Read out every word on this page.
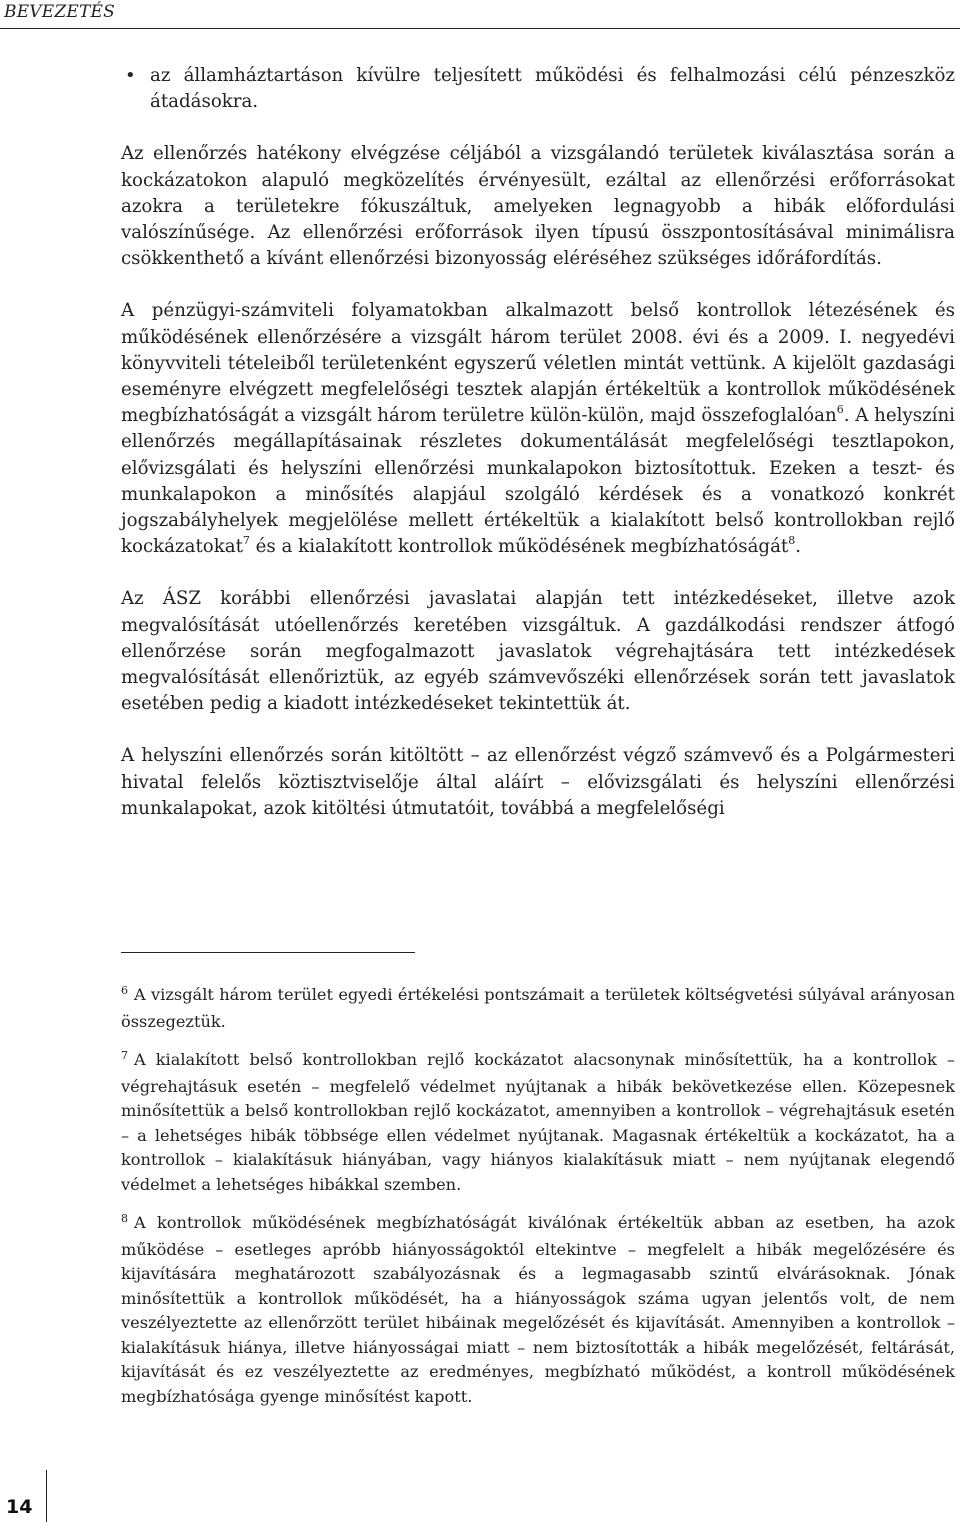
BEVEZETÉS
• az államháztartáson kívülre teljesített működési és felhalmozási célú pénzeszköz átadásokra.

Az ellenőrzés hatékony elvégzése céljából a vizsgálandó területek kiválasztása során a kockázatokon alapuló megközelítés érvényesült, ezáltal az ellenőrzési erőforrásokat azokra a területekre fókuszáltuk, amelyeken legnagyobb a hibák előfordulási valószínűsége. Az ellenőrzési erőforrások ilyen típusú összpontosításával minimálisra csökkenthető a kívánt ellenőrzési bizonyosság eléréséhez szükséges időráfordítás.

A pénzügyi-számviteli folyamatokban alkalmazott belső kontrollok létezésének és működésének ellenőrzésére a vizsgált három terület 2008. évi és a 2009. I. negyedévi könyvviteli tételeiből területenként egyszerű véletlen mintát vettünk. A kijelölt gazdasági eseményre elvégzett megfelelőségi tesztek alapján értékeltük a kontrollok működésének megbízhatóságát a vizsgált három területre külön-külön, majd összefoglalóan$^6$. A helyszíni ellenőrzés megállapításainak részletes dokumentálását megfelelőségi tesztlapokon, elővizsgálati és helyszíni ellenőrzési munkalapokon biztosítottuk. Ezeken a teszt- és munkalapokon a minősítés alapjául szolgáló kérdések és a vonatkozó konkrét jogszabályhelyek megjelölése mellett értékeltük a kialakított belső kontrollokban rejlő kockázatokat$^7$ és a kialakított kontrollok működésének megbízhatóságát$^8$.

Az ÁSZ korábbi ellenőrzési javaslatai alapján tett intézkedéseket, illetve azok megvalósítását utóellenőrzés keretében vizsgáltuk. A gazdálkodási rendszer átfogó ellenőrzése során megfogalmazott javaslatok végrehajtására tett intézkedések megvalósítását ellenőriztük, az egyéb számvevőszéki ellenőrzések során tett javaslatok esetében pedig a kiadott intézkedéseket tekintettük át.

A helyszíni ellenőrzés során kitöltött – az ellenőrzést végző számvevő és a Polgármesteri hivatal felelős köztisztviselője által aláírt – elővizsgálati és helyszíni ellenőrzési munkalapokat, azok kitöltési útmutatóit, továbbá a megfelelőségi

$^6$ A vizsgált három terület egyedi értékelési pontszámait a területek költségvetési súlyával arányosan összegeztük.

$^7$ A kialakított belső kontrollokban rejlő kockázatot alacsonynak minősítettük, ha a kontrollok – végrehajtásuk esetén – megfelelő védelmet nyújtanak a hibák bekövetkezése ellen. Közepesnek minősítettük a belső kontrollokban rejlő kockázatot, amennyiben a kontrollok – végrehajtásuk esetén – a lehetséges hibák többsége ellen védelmet nyújtanak. Magasnak értékeltük a kockázatot, ha a kontrollok – kialakításuk hiányában, vagy hiányos kialakításuk miatt – nem nyújtanak elegendő védelmet a lehetséges hibákkal szemben.

$^8$ A kontrollok működésének megbízhatóságát kiválónak értékeltük abban az esetben, ha azok működése – esetleges apróbb hiányosságoktól eltekintve – megfelelt a hibák megelőzésére és kijavítására meghatározott szabályozásnak és a legmagasabb szintű elvárásoknak. Jónak minősítettük a kontrollok működését, ha a hiányosságok száma ugyan jelentős volt, de nem veszélyeztette az ellenőrzött terület hibáinak megelőzését és kijavítását. Amennyiben a kontrollok – kialakításuk hiánya, illetve hiányosságai miatt – nem biztosították a hibák megelőzését, feltárását, kijavítását és ez veszélyeztette az eredményes, megbízható működést, a kontroll működésének megbízhatósága gyenge minősítést kapott.

14
